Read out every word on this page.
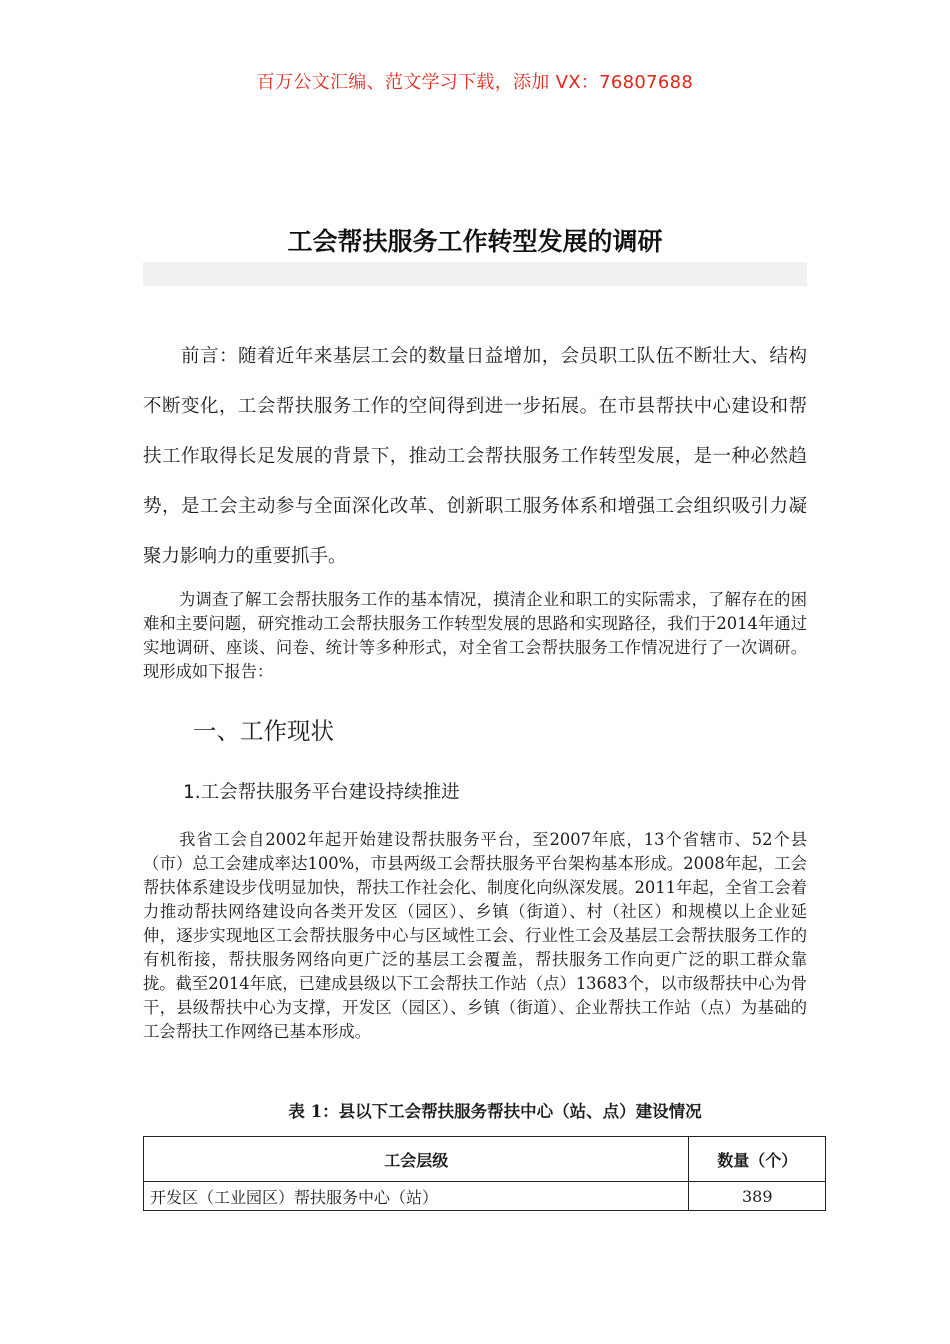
百万公文汇编、范文学习下载，添加 VX：76807688
工会帮扶服务工作转型发展的调研

前言：随着近年来基层工会的数量日益增加，会员职工队伍不断壮大、结构不断变化，工会帮扶服务工作的空间得到进一步拓展。在市县帮扶中心建设和帮扶工作取得长足发展的背景下，推动工会帮扶服务工作转型发展，是一种必然趋势，是工会主动参与全面深化改革、创新职工服务体系和增强工会组织吸引力凝聚力影响力的重要抓手。

为调查了解工会帮扶服务工作的基本情况，摸清企业和职工的实际需求，了解存在的困难和主要问题，研究推动工会帮扶服务工作转型发展的思路和实现路径，我们于2014年通过实地调研、座谈、问卷、统计等多种形式，对全省工会帮扶服务工作情况进行了一次调研。现形成如下报告：

一、工作现状
1.工会帮扶服务平台建设持续推进

我省工会自2002年起开始建设帮扶服务平台，至2007年底，13个省辖市、52个县（市）总工会建成率达100%，市县两级工会帮扶服务平台架构基本形成。2008年起，工会帮扶体系建设步伐明显加快，帮扶工作社会化、制度化向纵深发展。2011年起，全省工会着力推动帮扶网络建设向各类开发区（园区）、乡镇（街道）、村（社区）和规模以上企业延伸，逐步实现地区工会帮扶服务中心与区域性工会、行业性工会及基层工会帮扶服务工作的有机衔接，帮扶服务网络向更广泛的基层工会覆盖，帮扶服务工作向更广泛的职工群众靠拢。截至2014年底，已建成县级以下工会帮扶工作站（点）13683个，以市级帮扶中心为骨干，县级帮扶中心为支撑，开发区（园区）、乡镇（街道）、企业帮扶工作站（点）为基础的工会帮扶工作网络已基本形成。

表 1：县以下工会帮扶服务帮扶中心（站、点）建设情况
工会层级	数量（个）
开发区（工业园区）帮扶服务中心（站）	389
